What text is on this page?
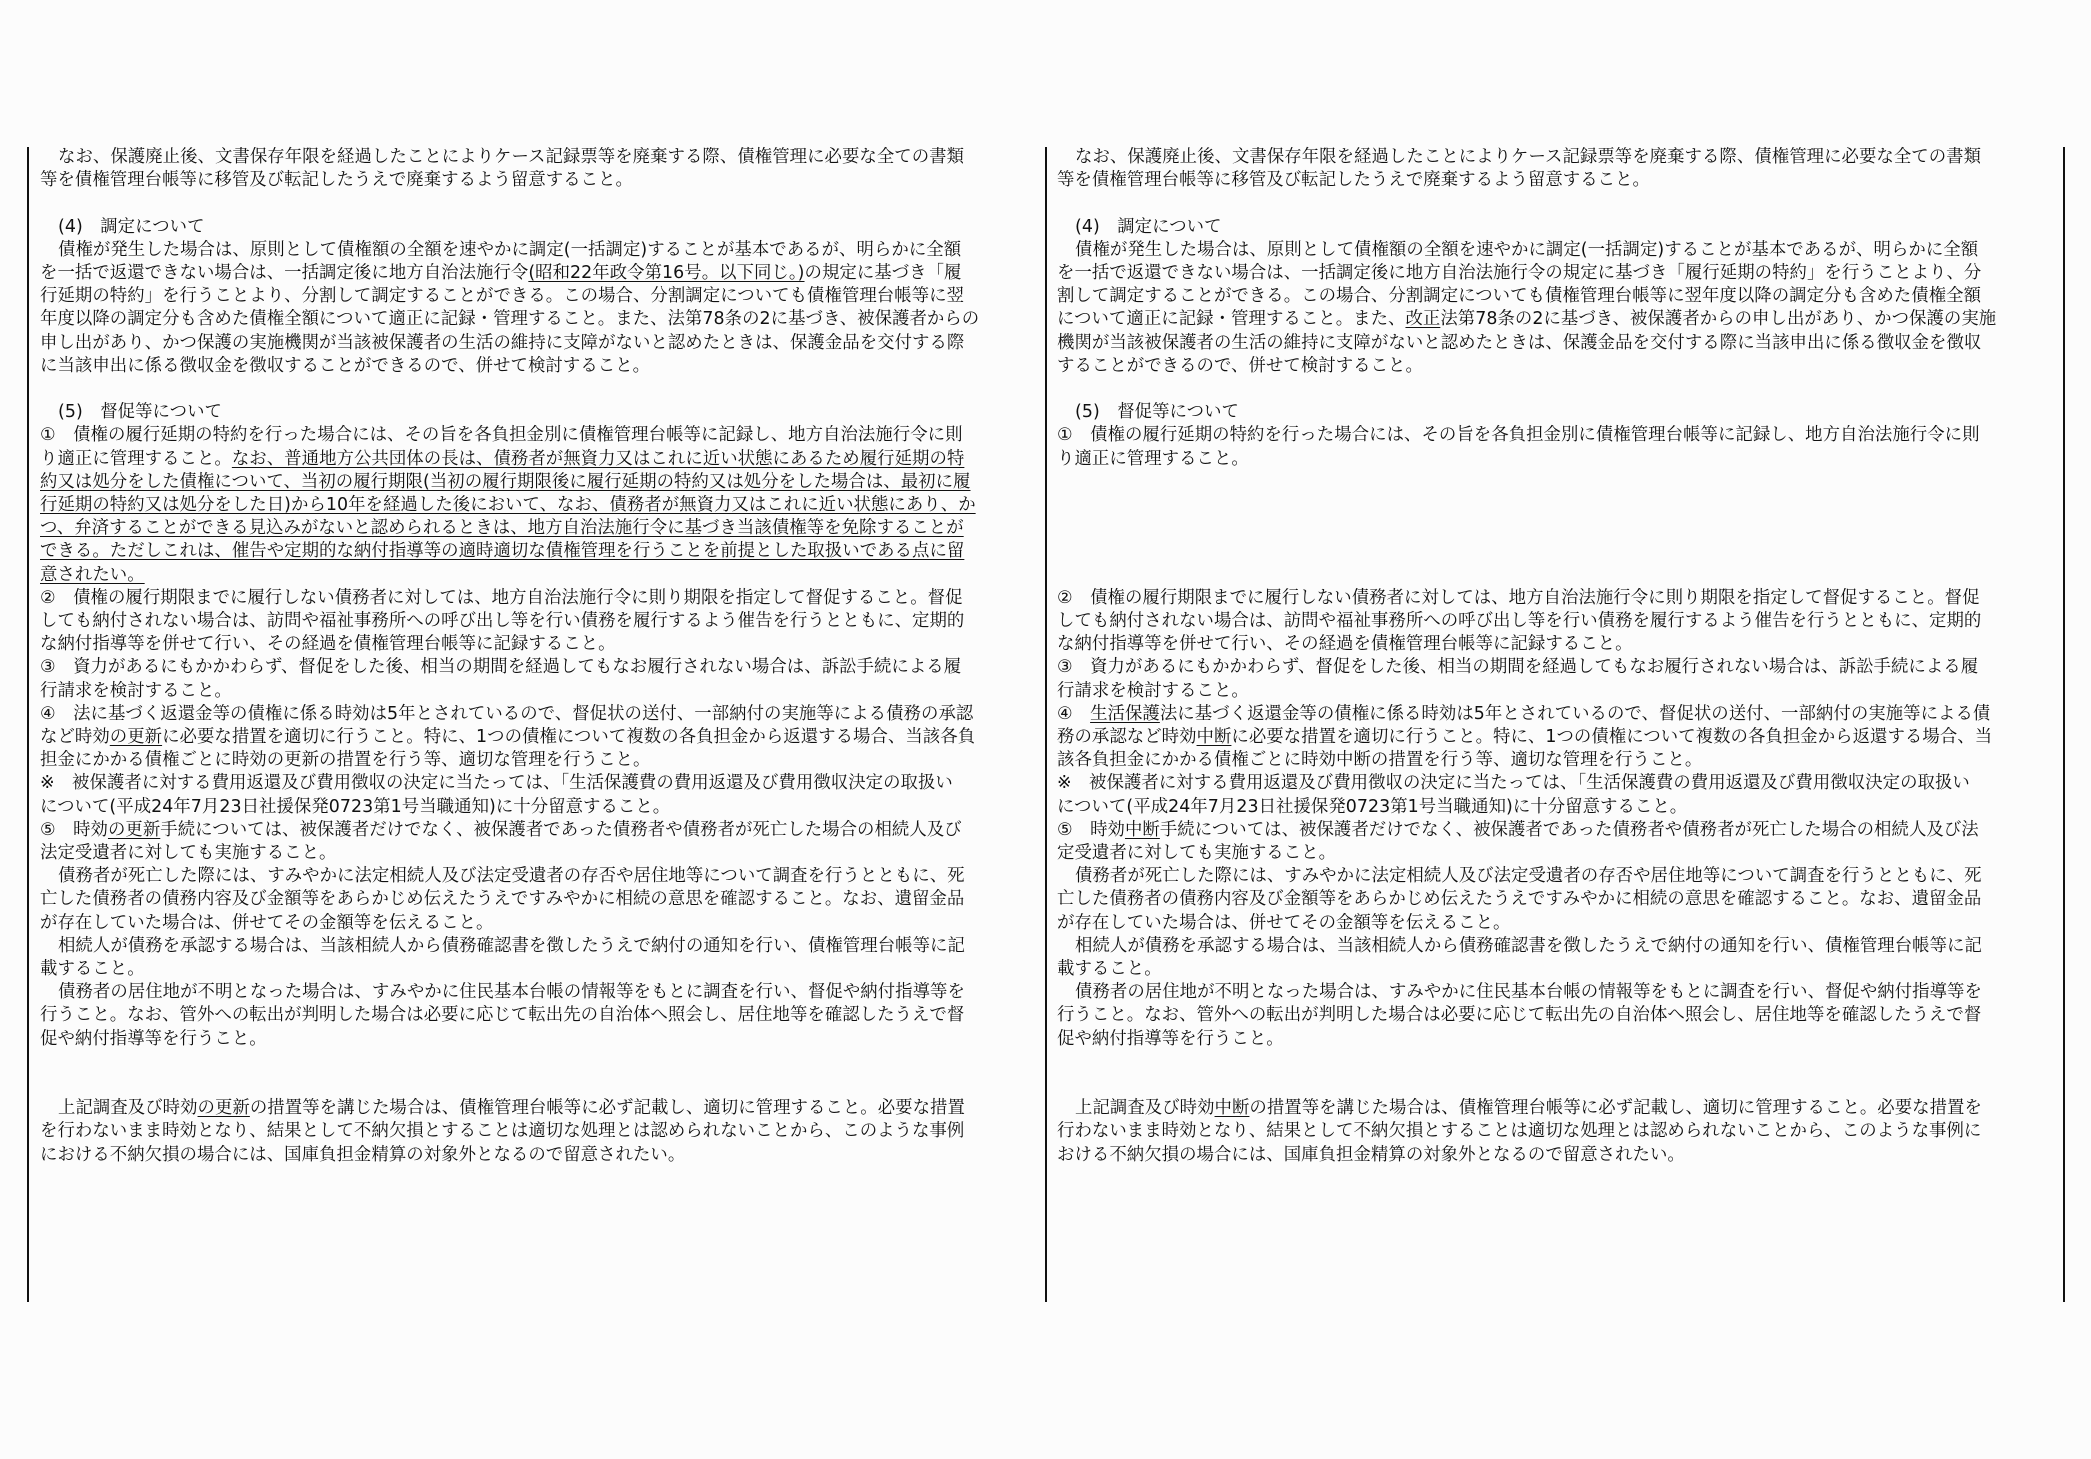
なお、保護廃止後、文書保存年限を経過したことによりケース記録票等を廃棄する際、債権管理に必要な全ての書類
等を債権管理台帳等に移管及び転記したうえで廃棄するよう留意すること。
(4)　調定について
債権が発生した場合は、原則として債権額の全額を速やかに調定(一括調定)することが基本であるが、明らかに全額
を一括で返還できない場合は、一括調定後に地方自治法施行令(昭和22年政令第16号。以下同じ。)の規定に基づき「履
行延期の特約」を行うことより、分割して調定することができる。この場合、分割調定についても債権管理台帳等に翌
年度以降の調定分も含めた債権全額について適正に記録・管理すること。また、法第78条の2に基づき、被保護者からの
申し出があり、かつ保護の実施機関が当該被保護者の生活の維持に支障がないと認めたときは、保護金品を交付する際
に当該申出に係る徴収金を徴収することができるので、併せて検討すること。
(5)　督促等について
①　債権の履行延期の特約を行った場合には、その旨を各負担金別に債権管理台帳等に記録し、地方自治法施行令に則
り適正に管理すること。なお、普通地方公共団体の長は、債務者が無資力又はこれに近い状態にあるため履行延期の特
約又は処分をした債権について、当初の履行期限(当初の履行期限後に履行延期の特約又は処分をした場合は、最初に履
行延期の特約又は処分をした日)から10年を経過した後において、なお、債務者が無資力又はこれに近い状態にあり、か
つ、弁済することができる見込みがないと認められるときは、地方自治法施行令に基づき当該債権等を免除することが
できる。ただしこれは、催告や定期的な納付指導等の適時適切な債権管理を行うことを前提とした取扱いである点に留
意されたい。
②　債権の履行期限までに履行しない債務者に対しては、地方自治法施行令に則り期限を指定して督促すること。督促
しても納付されない場合は、訪問や福祉事務所への呼び出し等を行い債務を履行するよう催告を行うとともに、定期的
な納付指導等を併せて行い、その経過を債権管理台帳等に記録すること。
③　資力があるにもかかわらず、督促をした後、相当の期間を経過してもなお履行されない場合は、訴訟手続による履
行請求を検討すること。
④　法に基づく返還金等の債権に係る時効は5年とされているので、督促状の送付、一部納付の実施等による債務の承認
など時効の更新に必要な措置を適切に行うこと。特に、1つの債権について複数の各負担金から返還する場合、当該各負
担金にかかる債権ごとに時効の更新の措置を行う等、適切な管理を行うこと。
※　被保護者に対する費用返還及び費用徴収の決定に当たっては、「生活保護費の費用返還及び費用徴収決定の取扱い
について(平成24年7月23日社援保発0723第1号当職通知)に十分留意すること。
⑤　時効の更新手続については、被保護者だけでなく、被保護者であった債務者や債務者が死亡した場合の相続人及び
法定受遺者に対しても実施すること。
債務者が死亡した際には、すみやかに法定相続人及び法定受遺者の存否や居住地等について調査を行うとともに、死
亡した債務者の債務内容及び金額等をあらかじめ伝えたうえですみやかに相続の意思を確認すること。なお、遺留金品
が存在していた場合は、併せてその金額等を伝えること。
相続人が債務を承認する場合は、当該相続人から債務確認書を徴したうえで納付の通知を行い、債権管理台帳等に記
載すること。
債務者の居住地が不明となった場合は、すみやかに住民基本台帳の情報等をもとに調査を行い、督促や納付指導等を
行うこと。なお、管外への転出が判明した場合は必要に応じて転出先の自治体へ照会し、居住地等を確認したうえで督
促や納付指導等を行うこと。
上記調査及び時効の更新の措置等を講じた場合は、債権管理台帳等に必ず記載し、適切に管理すること。必要な措置
を行わないまま時効となり、結果として不納欠損とすることは適切な処理とは認められないことから、このような事例
における不納欠損の場合には、国庫負担金精算の対象外となるので留意されたい。
なお、保護廃止後、文書保存年限を経過したことによりケース記録票等を廃棄する際、債権管理に必要な全ての書類
等を債権管理台帳等に移管及び転記したうえで廃棄するよう留意すること。
(4)　調定について
債権が発生した場合は、原則として債権額の全額を速やかに調定(一括調定)することが基本であるが、明らかに全額
を一括で返還できない場合は、一括調定後に地方自治法施行令の規定に基づき「履行延期の特約」を行うことより、分
割して調定することができる。この場合、分割調定についても債権管理台帳等に翌年度以降の調定分も含めた債権全額
について適正に記録・管理すること。また、改正法第78条の2に基づき、被保護者からの申し出があり、かつ保護の実施
機関が当該被保護者の生活の維持に支障がないと認めたときは、保護金品を交付する際に当該申出に係る徴収金を徴収
することができるので、併せて検討すること。
(5)　督促等について
①　債権の履行延期の特約を行った場合には、その旨を各負担金別に債権管理台帳等に記録し、地方自治法施行令に則
り適正に管理すること。
②　債権の履行期限までに履行しない債務者に対しては、地方自治法施行令に則り期限を指定して督促すること。督促
しても納付されない場合は、訪問や福祉事務所への呼び出し等を行い債務を履行するよう催告を行うとともに、定期的
な納付指導等を併せて行い、その経過を債権管理台帳等に記録すること。
③　資力があるにもかかわらず、督促をした後、相当の期間を経過してもなお履行されない場合は、訴訟手続による履
行請求を検討すること。
④　生活保護法に基づく返還金等の債権に係る時効は5年とされているので、督促状の送付、一部納付の実施等による債
務の承認など時効中断に必要な措置を適切に行うこと。特に、1つの債権について複数の各負担金から返還する場合、当
該各負担金にかかる債権ごとに時効中断の措置を行う等、適切な管理を行うこと。
※　被保護者に対する費用返還及び費用徴収の決定に当たっては、「生活保護費の費用返還及び費用徴収決定の取扱い
について(平成24年7月23日社援保発0723第1号当職通知)に十分留意すること。
⑤　時効中断手続については、被保護者だけでなく、被保護者であった債務者や債務者が死亡した場合の相続人及び法
定受遺者に対しても実施すること。
債務者が死亡した際には、すみやかに法定相続人及び法定受遺者の存否や居住地等について調査を行うとともに、死
亡した債務者の債務内容及び金額等をあらかじめ伝えたうえですみやかに相続の意思を確認すること。なお、遺留金品
が存在していた場合は、併せてその金額等を伝えること。
相続人が債務を承認する場合は、当該相続人から債務確認書を徴したうえで納付の通知を行い、債権管理台帳等に記
載すること。
債務者の居住地が不明となった場合は、すみやかに住民基本台帳の情報等をもとに調査を行い、督促や納付指導等を
行うこと。なお、管外への転出が判明した場合は必要に応じて転出先の自治体へ照会し、居住地等を確認したうえで督
促や納付指導等を行うこと。
上記調査及び時効中断の措置等を講じた場合は、債権管理台帳等に必ず記載し、適切に管理すること。必要な措置を
行わないまま時効となり、結果として不納欠損とすることは適切な処理とは認められないことから、このような事例に
おける不納欠損の場合には、国庫負担金精算の対象外となるので留意されたい。
